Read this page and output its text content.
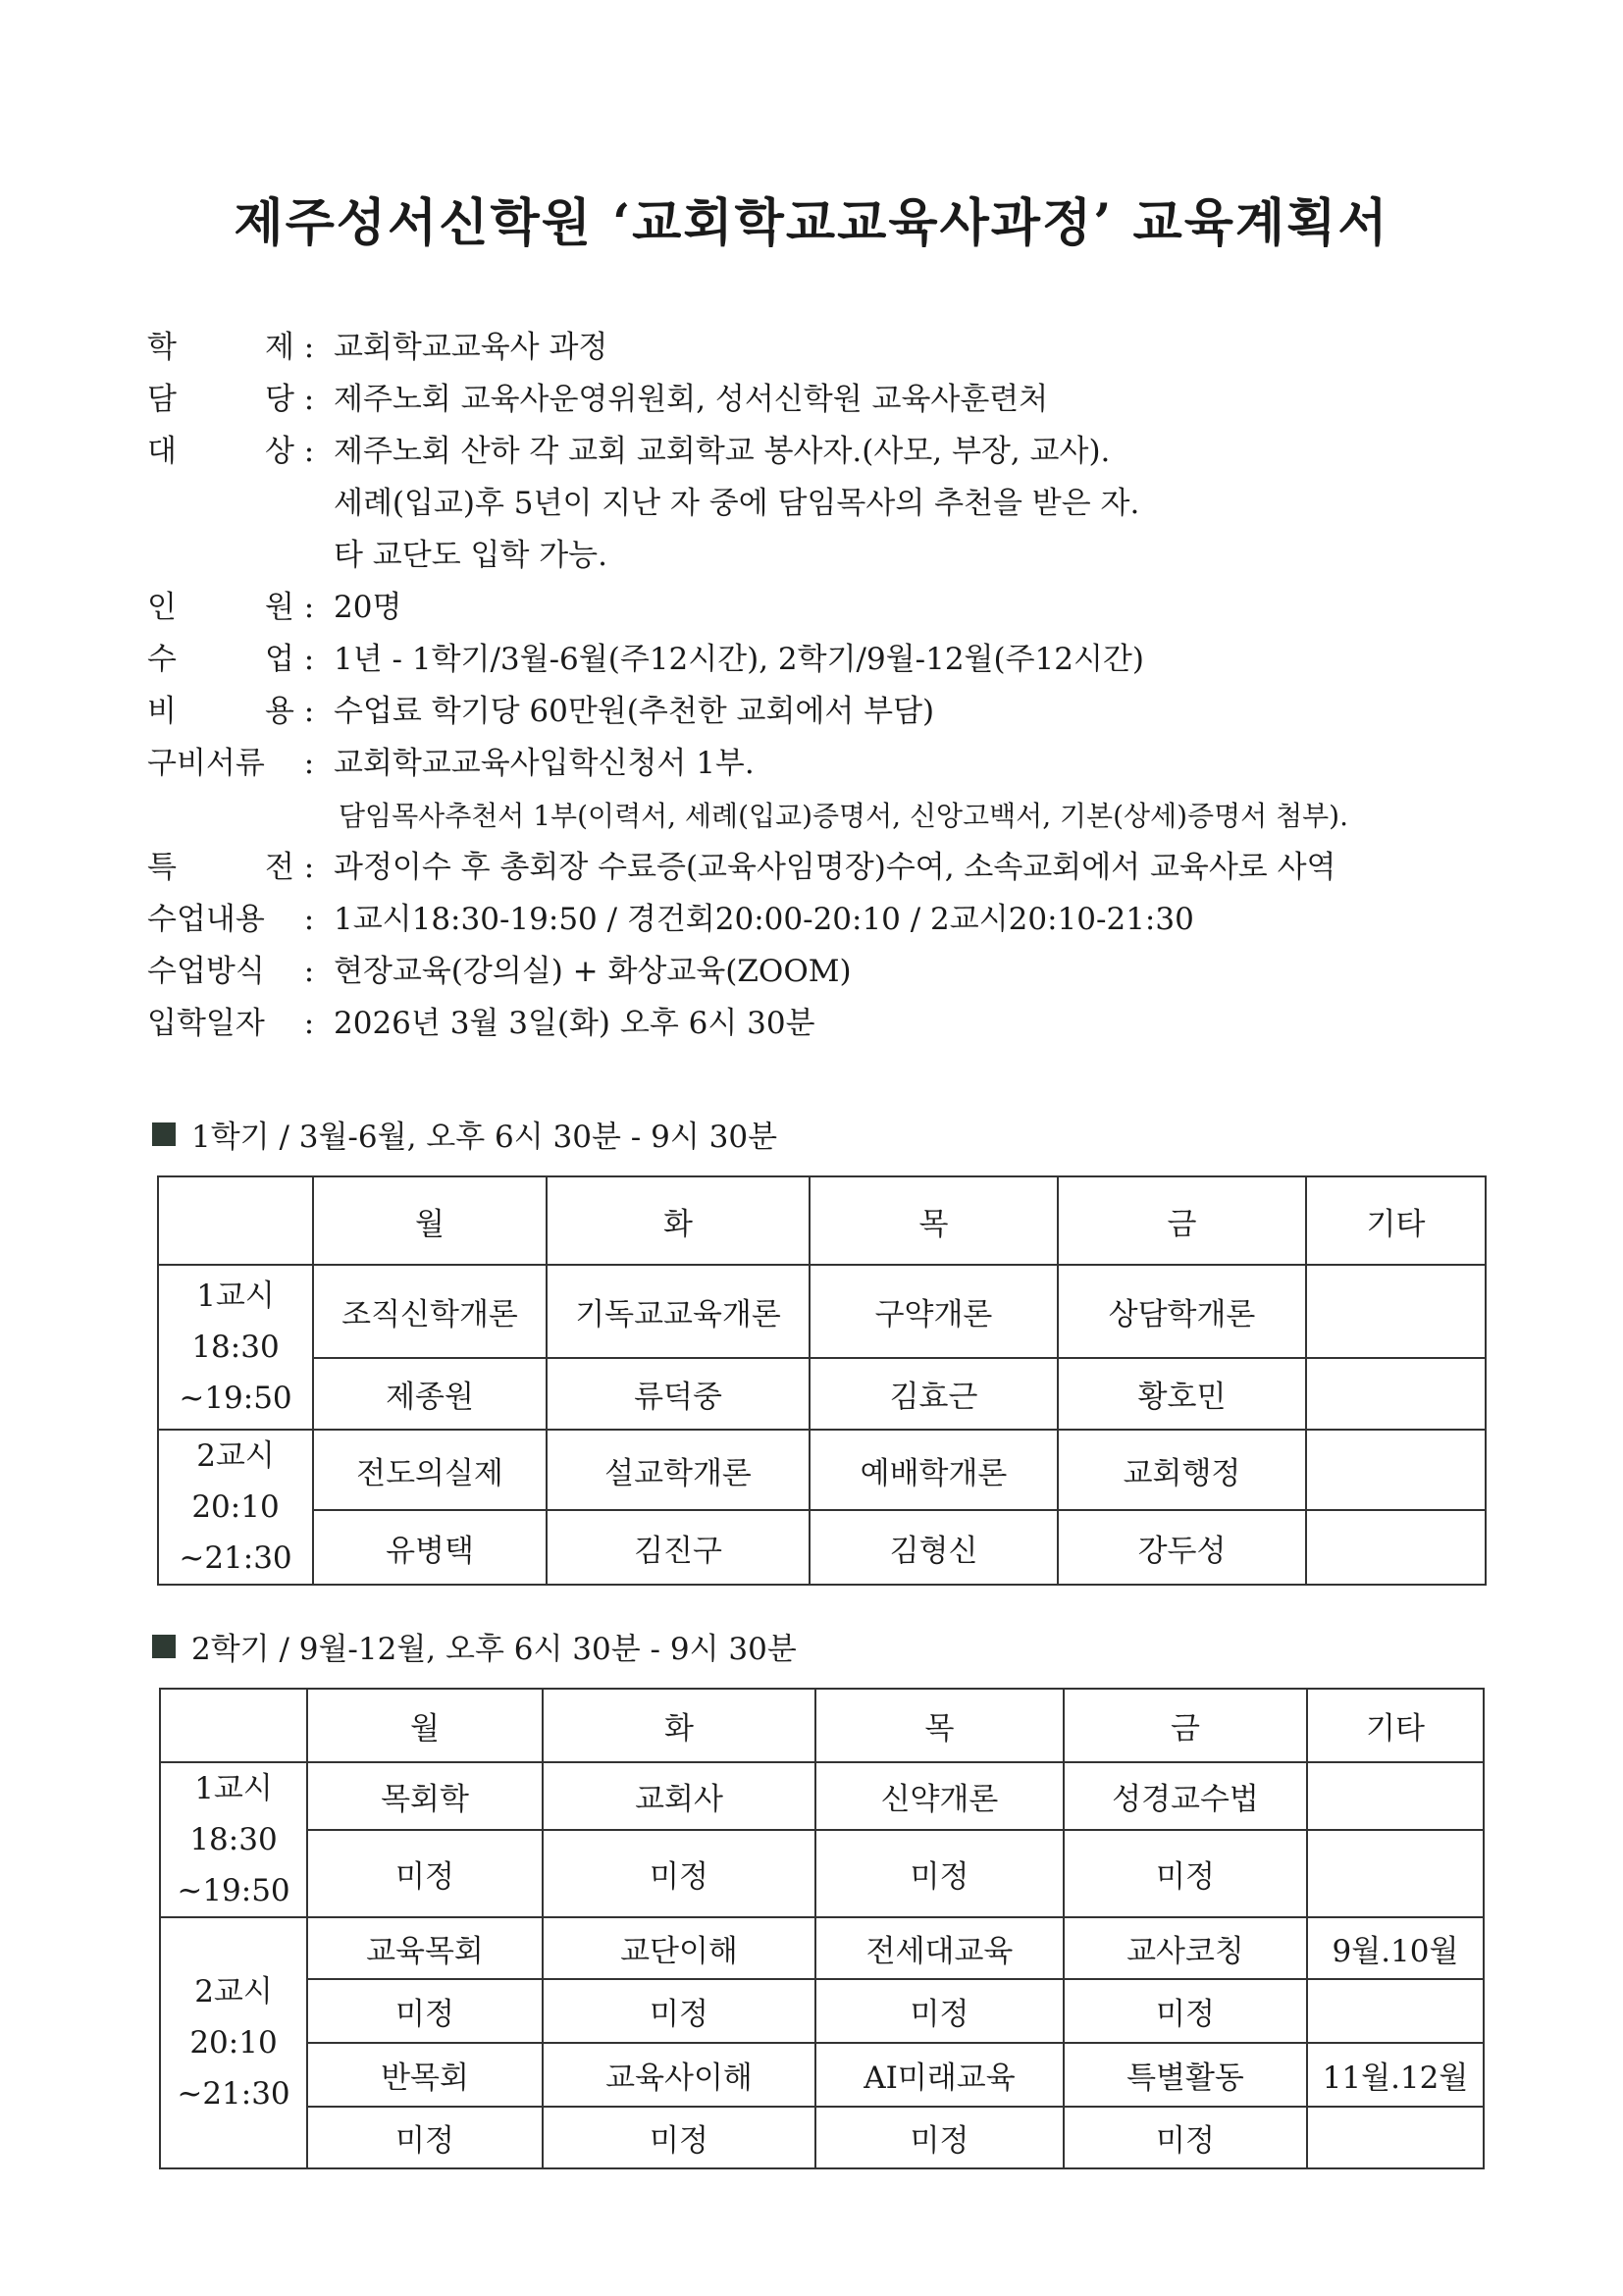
제주성서신학원 ‘교회학교교육사과정’ 교육계획서
학	제 : 교회학교교육사 과정
담	당 : 제주노회 교육사운영위원회, 성서신학원 교육사훈련처
대	상 : 제주노회 산하 각 교회 교회학교 봉사자.(사모, 부장, 교사).
세례(입교)후 5년이 지난 자 중에 담임목사의 추천을 받은 자.
타 교단도 입학 가능.
인	원 : 20명
수	업 : 1년 - 1학기/3월-6월(주12시간), 2학기/9월-12월(주12시간)
비	용 : 수업료 학기당 60만원(추천한 교회에서 부담)
구비서류	: 교회학교교육사입학신청서 1부.
담임목사추천서 1부(이력서, 세례(입교)증명서, 신앙고백서, 기본(상세)증명서 첨부).
특	전 : 과정이수 후 총회장 수료증(교육사임명장)수여, 소속교회에서 교육사로 사역
수업내용	: 1교시18:30-19:50 / 경건회20:00-20:10 / 2교시20:10-21:30
수업방식	: 현장교육(강의실) + 화상교육(ZOOM)
입학일자	: 2026년 3월 3일(화) 오후 6시 30분
1학기 / 3월-6월, 오후 6시 30분 - 9시 30분
	월	화	목	금	기타

1교시
18:30
~19:50	조직신학개론	기독교교육개론	구약개론	상담학개론	
	제종원	류덕중	김효근	황호민	

2교시
20:10
~21:30	전도의실제	설교학개론	예배학개론	교회행정	
	유병택	김진구	김형신	강두성	
2학기 / 9월-12월, 오후 6시 30분 - 9시 30분
	월	화	목	금	기타

1교시
18:30
~19:50	목회학	교회사	신약개론	성경교수법	
	미정	미정	미정	미정	

2교시
20:10
~21:30	교육목회	교단이해	전세대교육	교사코칭	9월.10월
	미정	미정	미정	미정	
	반목회	교육사이해	AI미래교육	특별활동	11월.12월
	미정	미정	미정	미정	
